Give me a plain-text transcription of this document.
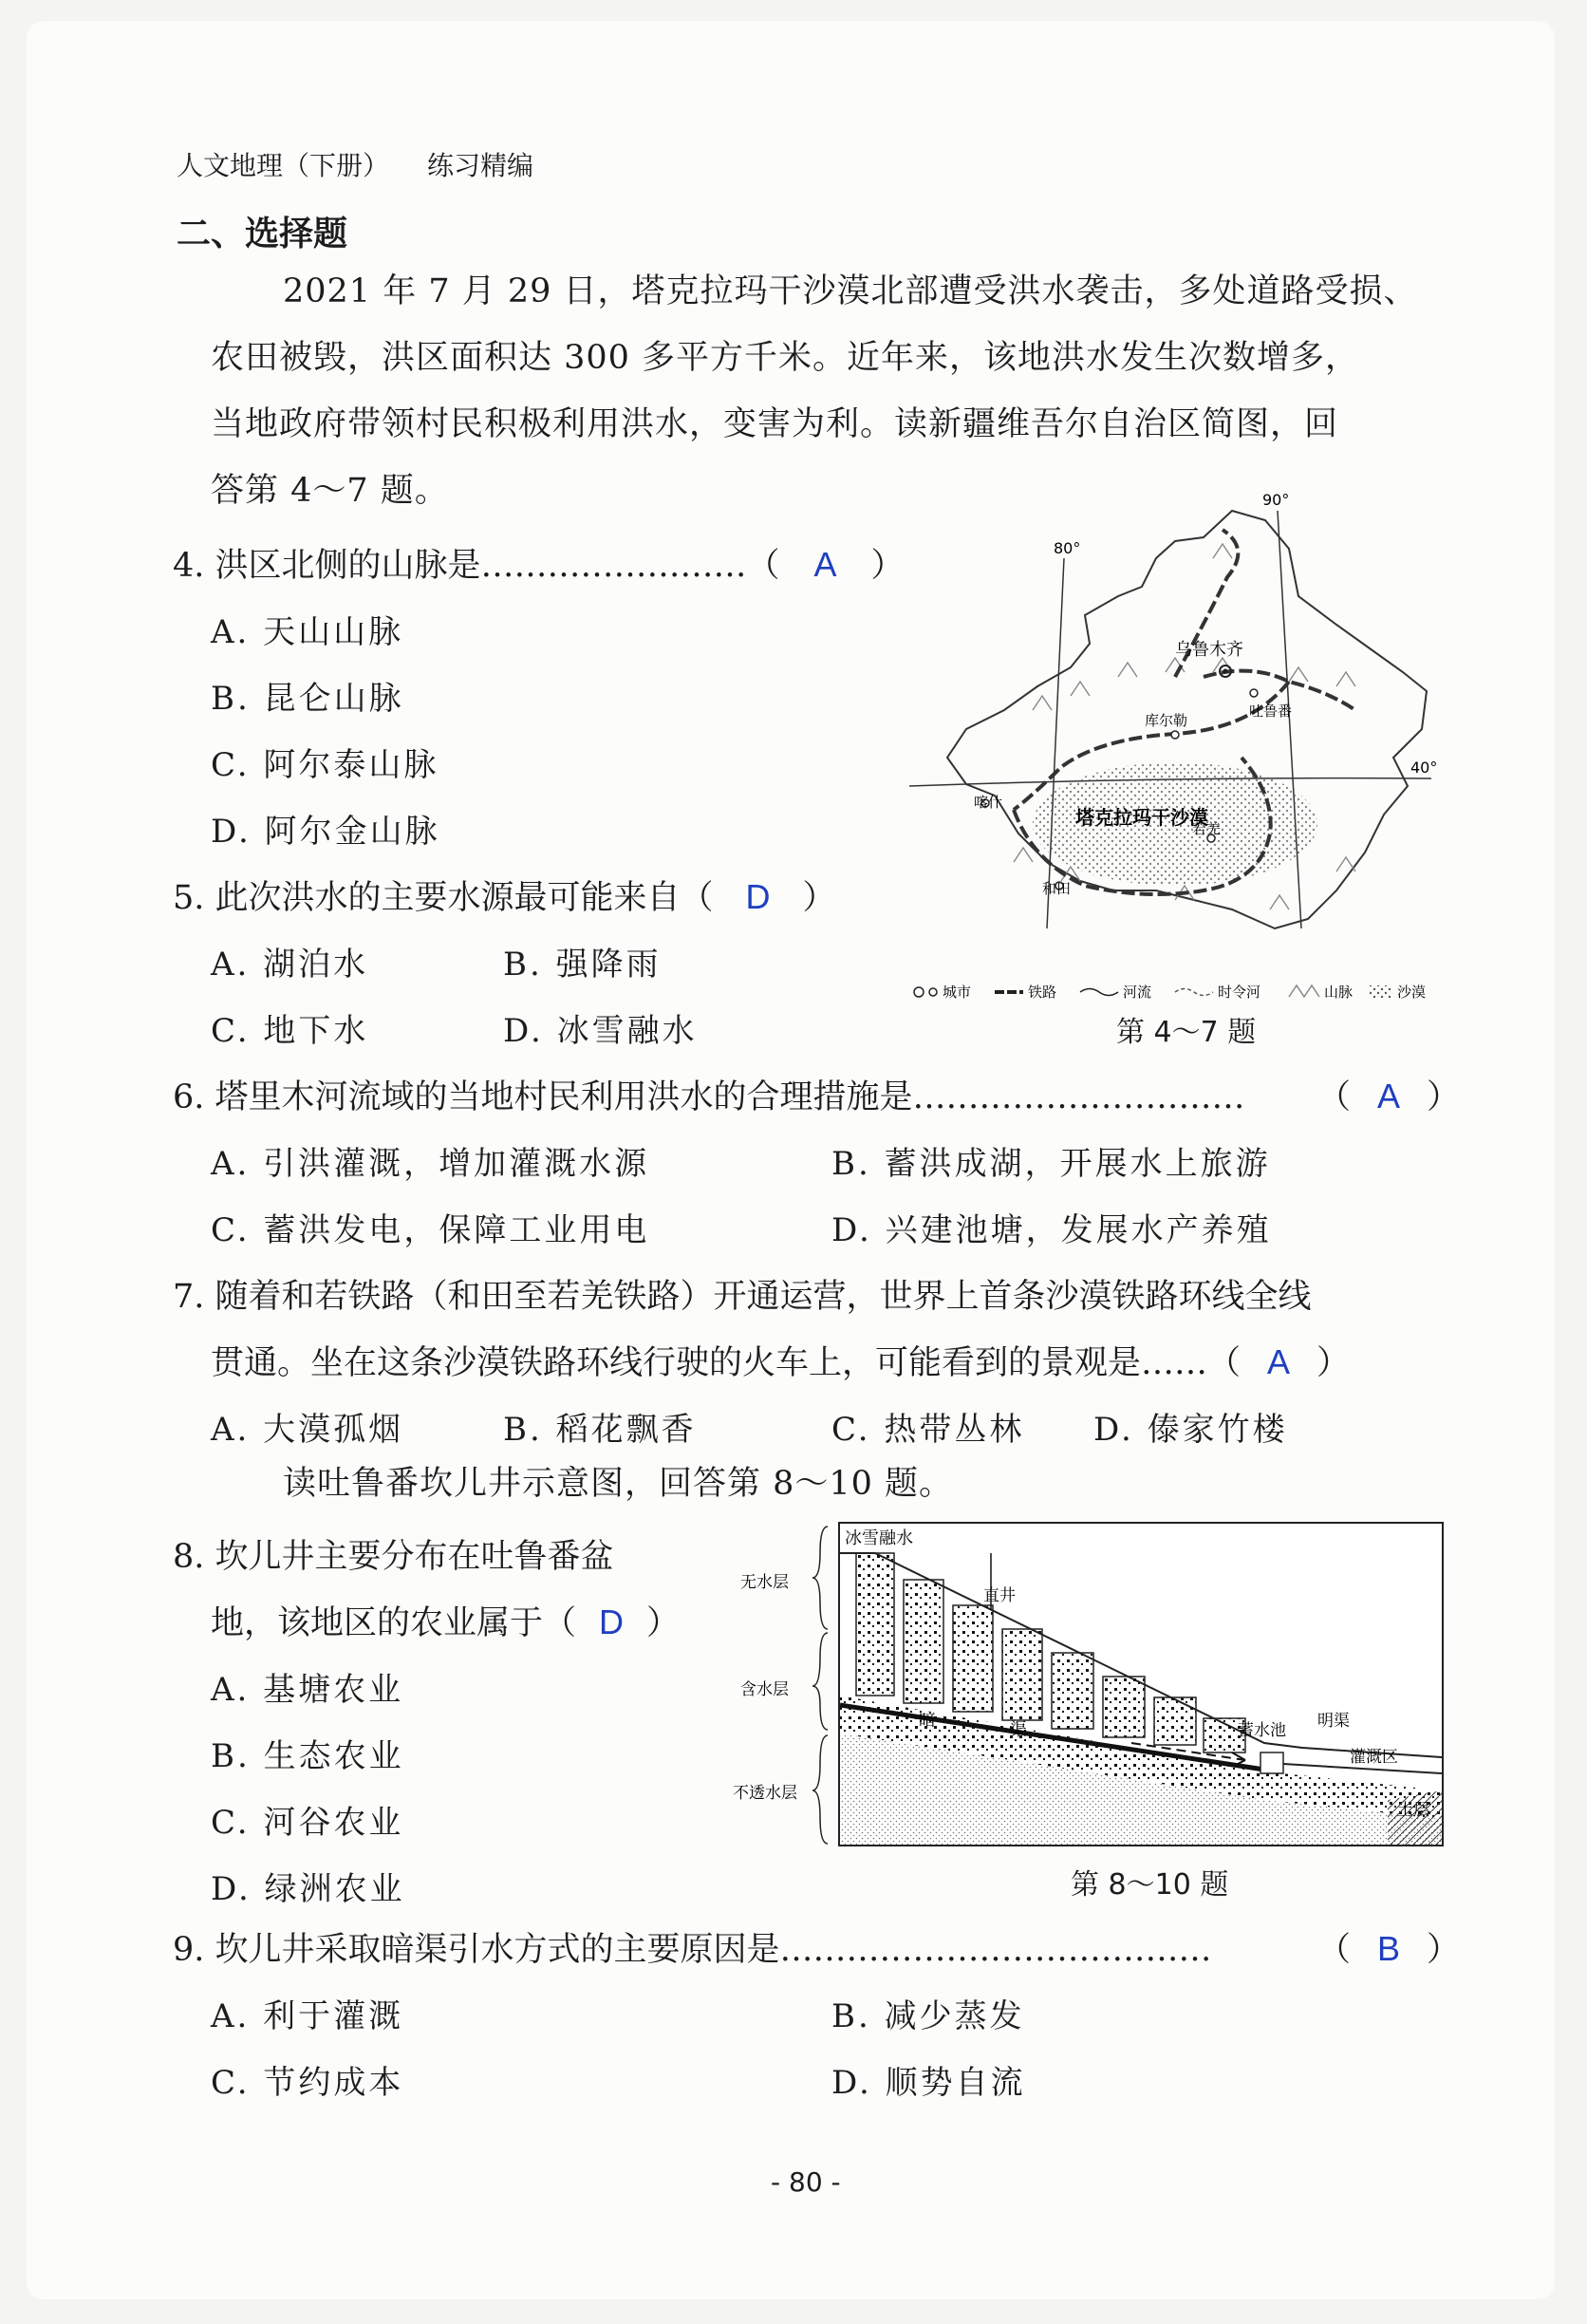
人文地理（下册） 练习精编
二、选择题
2021 年 7 月 29 日，塔克拉玛干沙漠北部遭受洪水袭击，多处道路受损、
农田被毁，洪区面积达 300 多平方千米。近年来，该地洪水发生次数增多，
当地政府带领村民积极利用洪水，变害为利。读新疆维吾尔自治区简图，回
答第 4～7 题。
4. 洪区北侧的山脉是……………………（ A ）
A. 天山山脉
B. 昆仑山脉
C. 阿尔泰山脉
D. 阿尔金山脉
5. 此次洪水的主要水源最可能来自（ D ）
A. 湖泊水	B. 强降雨
C. 地下水	D. 冰雪融水
80°
90°
40°
塔克拉玛干沙漠
乌鲁木齐
吐鲁番
库尔勒
喀什
和田
若羌
城市	铁路	河流	时令河	山脉	沙漠
第 4～7 题
6. 塔里木河流域的当地村民利用洪水的合理措施是………………………… （ A ）
A. 引洪灌溉，增加灌溉水源	B. 蓄洪成湖，开展水上旅游
C. 蓄洪发电，保障工业用电	D. 兴建池塘，发展水产养殖
7. 随着和若铁路（和田至若羌铁路）开通运营，世界上首条沙漠铁路环线全线
贯通。坐在这条沙漠铁路环线行驶的火车上，可能看到的景观是……（ A ）
A. 大漠孤烟	B. 稻花飘香	C. 热带丛林 D. 傣家竹楼
读吐鲁番坎儿井示意图，回答第 8～10 题。
8. 坎儿井主要分布在吐鲁番盆
地，该地区的农业属于（ D ）
A. 基塘农业
B. 生态农业
C. 河谷农业
D. 绿洲农业
无水层
含水层
不透水层
冰雪融水
直井
暗	渠	蓄水池 明渠
灌溉区
土层
第 8～10 题
9. 坎儿井采取暗渠引水方式的主要原因是…………………………………	（ B ）
A. 利于灌溉	B. 减少蒸发
C. 节约成本	D. 顺势自流
- 80 -
